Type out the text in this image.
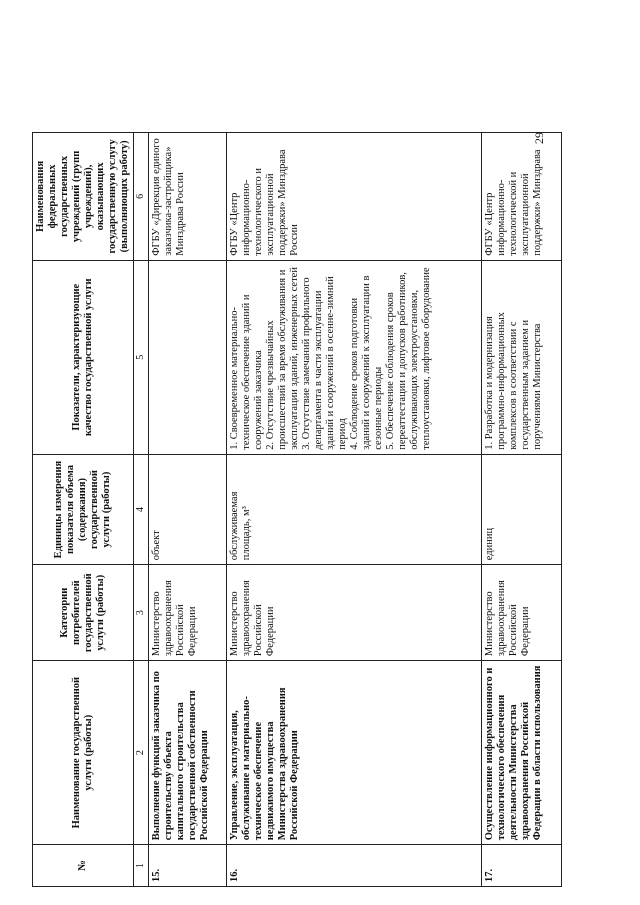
№	Наименование государственной услуги (работы)	Категории потребителей государственной услуги (работы)	Единицы измерения показателя объема (содержания) государственной услуги (работы)	Показатели, характеризующие качество государственной услуги	Наименования федеральных государственных учреждений (групп учреждений), оказывающих государственную услугу (выполняющих работу)
1	2	3	4	5	6
15.	Выполнение функций заказчика по строительству объекта капитального строительства государственной собственности Российской Федерации	Министерство здравоохранения Российской Федерации	объект		ФГБУ «Дирекция единого заказчика-застройщика» Минздрава России
16.	Управление, эксплуатация, обслуживание и материально-техническое обеспечение недвижимого имущества Министерства здравоохранения Российской Федерации	Министерство здравоохранения Российской Федерации	обслуживаемая площадь, м³	1. Своевременное материально-техническое обеспечение зданий и сооружений заказчика 2. Отсутствие чрезвычайных происшествий за время обслуживания и эксплуатации зданий, инженерных сетей 3. Отсутствие замечаний профильного департамента в части эксплуатации зданий и сооружений в осенне-зимний период 4. Соблюдение сроков подготовки зданий и сооружений к эксплуатации в сезонные периоды 5. Обеспечение соблюдения сроков переаттестации и допусков работников, обслуживающих электроустановки, теплоустановки, лифтовое оборудование	ФГБУ «Центр информационно-технологического и эксплуатационной поддержки» Минздрава России
17.	Осуществление информационного и технологического обеспечения деятельности Министерства здравоохранения Российской Федерации в области использования	Министерство здравоохранения Российской Федерации	единиц	1. Разработка и модернизация программно-информационных комплексов в соответствии с государственным заданием и поручениями Министерства	ФГБУ «Центр информационно-технологической и эксплуатационной поддержки» Минздрава
29
